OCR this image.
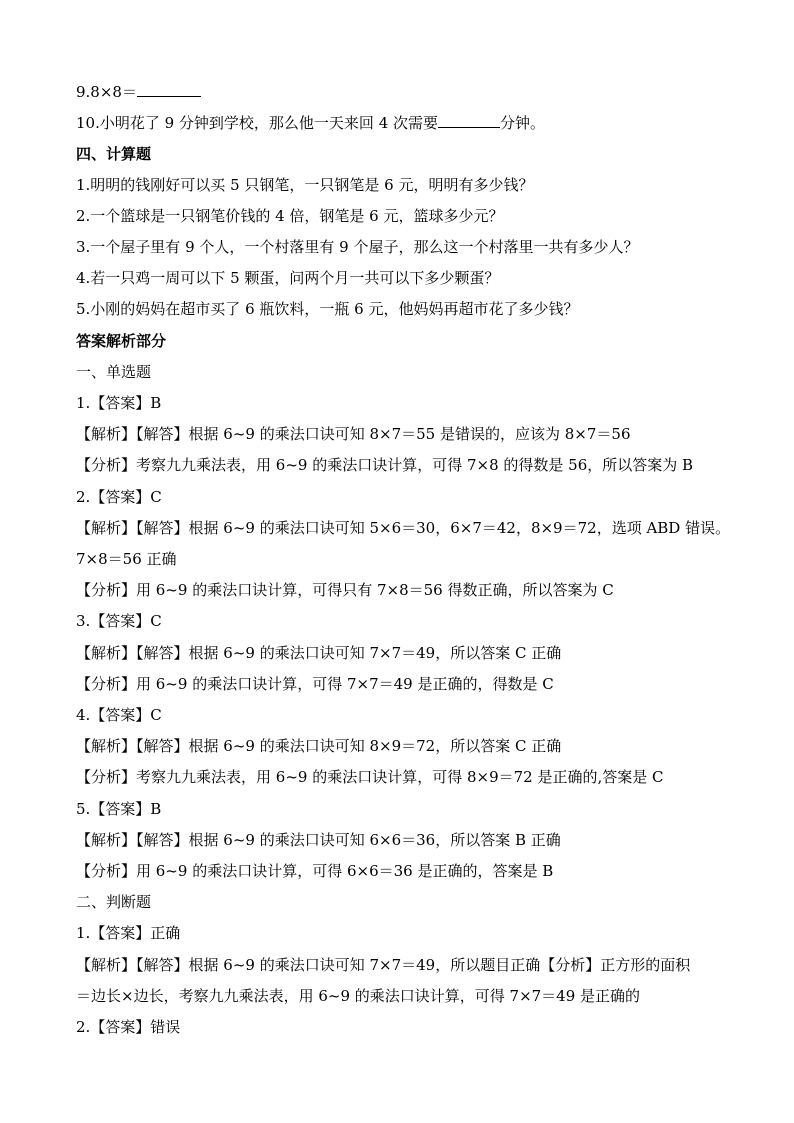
9.8×8＝
10.小明花了 9 分钟到学校，那么他一天来回 4 次需要	分钟。
四、计算题
1.明明的钱刚好可以买 5 只钢笔，一只钢笔是 6 元，明明有多少钱？
2.一个篮球是一只钢笔价钱的 4 倍，钢笔是 6 元，篮球多少元？
3.一个屋子里有 9 个人，一个村落里有 9 个屋子，那么这一个村落里一共有多少人？
4.若一只鸡一周可以下 5 颗蛋，问两个月一共可以下多少颗蛋？
5.小刚的妈妈在超市买了 6 瓶饮料，一瓶 6 元，他妈妈再超市花了多少钱？
答案解析部分
一、单选题
1.【答案】B
【解析】【解答】根据 6~9 的乘法口诀可知 8×7＝55 是错误的，应该为 8×7＝56
【分析】考察九九乘法表，用 6~9 的乘法口诀计算，可得 7×8 的得数是 56，所以答案为 B
2.【答案】C
【解析】【解答】根据 6~9 的乘法口诀可知 5×6＝30，6×7＝42，8×9＝72，选项 ABD 错误。
7×8＝56 正确
【分析】用 6~9 的乘法口诀计算，可得只有 7×8＝56 得数正确，所以答案为 C
3.【答案】C
【解析】【解答】根据 6~9 的乘法口诀可知 7×7＝49，所以答案 C 正确
【分析】用 6~9 的乘法口诀计算，可得 7×7＝49 是正确的，得数是 C
4.【答案】C
【解析】【解答】根据 6~9 的乘法口诀可知 8×9＝72，所以答案 C 正确
【分析】考察九九乘法表，用 6~9 的乘法口诀计算，可得 8×9＝72 是正确的,答案是 C
5.【答案】B
【解析】【解答】根据 6~9 的乘法口诀可知 6×6＝36，所以答案 B 正确
【分析】用 6~9 的乘法口诀计算，可得 6×6＝36 是正确的，答案是 B
二、判断题
1.【答案】正确
【解析】【解答】根据 6~9 的乘法口诀可知 7×7＝49，所以题目正确【分析】正方形的面积
＝边长×边长，考察九九乘法表，用 6~9 的乘法口诀计算，可得 7×7＝49 是正确的
2.【答案】错误
